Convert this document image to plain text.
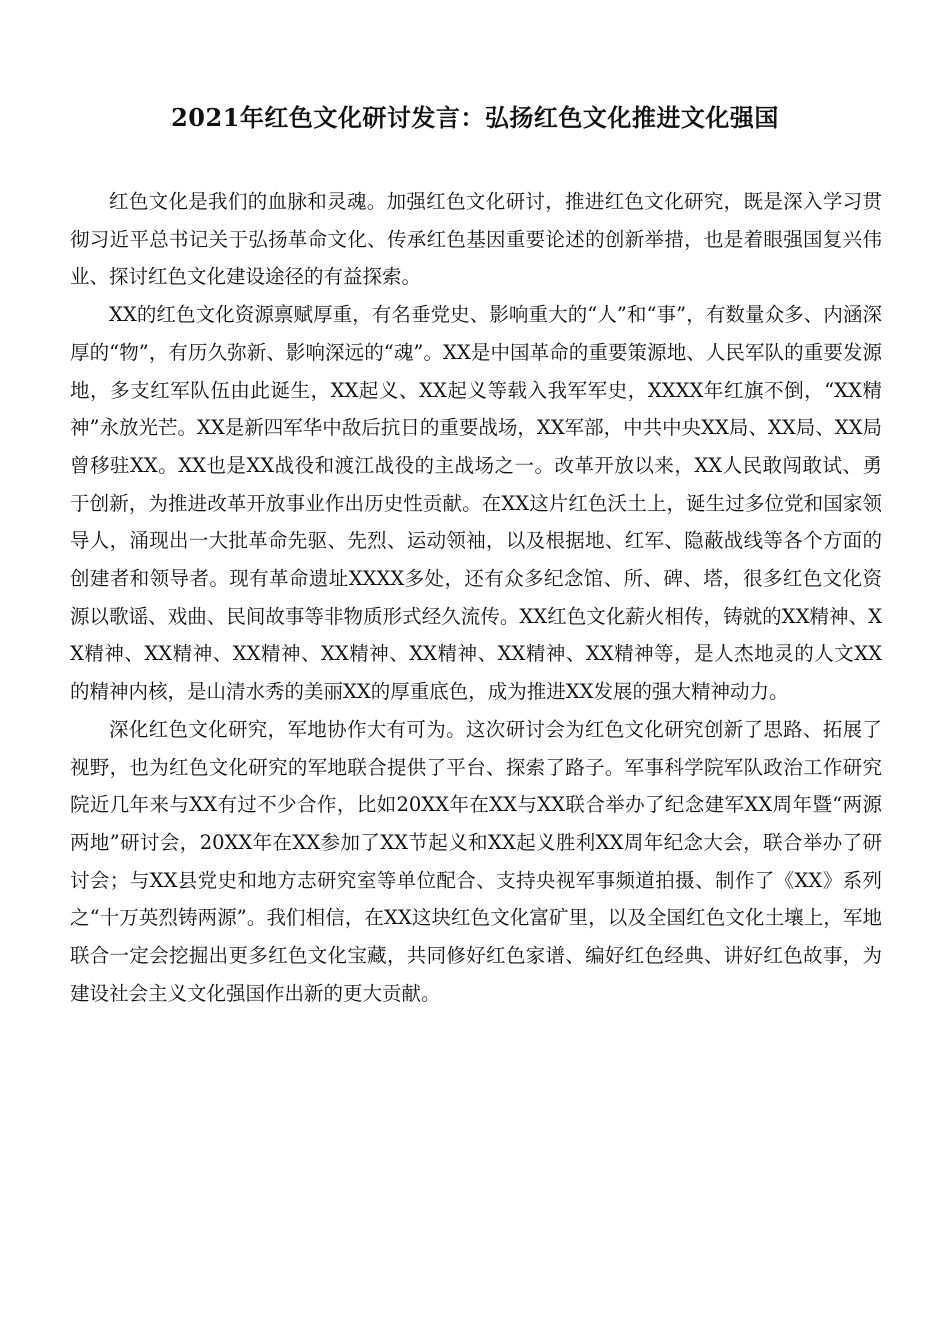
2021年红色文化研讨发言：弘扬红色文化推进文化强国

红色文化是我们的血脉和灵魂。加强红色文化研讨，推进红色文化研究，既是深入学习贯彻习近平总书记关于弘扬革命文化、传承红色基因重要论述的创新举措，也是着眼强国复兴伟业、探讨红色文化建设途径的有益探索。

XX的红色文化资源禀赋厚重，有名垂党史、影响重大的“人”和“事”，有数量众多、内涵深厚的“物”，有历久弥新、影响深远的“魂”。XX是中国革命的重要策源地、人民军队的重要发源地，多支红军队伍由此诞生，XX起义、XX起义等载入我军军史，XXXX年红旗不倒，“XX精神”永放光芒。XX是新四军华中敌后抗日的重要战场，XX军部，中共中央XX局、XX局、XX局曾移驻XX。XX也是XX战役和渡江战役的主战场之一。改革开放以来，XX人民敢闯敢试、勇于创新，为推进改革开放事业作出历史性贡献。在XX这片红色沃土上，诞生过多位党和国家领导人，涌现出一大批革命先驱、先烈、运动领袖，以及根据地、红军、隐蔽战线等各个方面的创建者和领导者。现有革命遗址XXXX多处，还有众多纪念馆、所、碑、塔，很多红色文化资源以歌谣、戏曲、民间故事等非物质形式经久流传。XX红色文化薪火相传，铸就的XX精神、XX精神、XX精神、XX精神、XX精神、XX精神、XX精神、XX精神等，是人杰地灵的人文XX的精神内核，是山清水秀的美丽XX的厚重底色，成为推进XX发展的强大精神动力。

深化红色文化研究，军地协作大有可为。这次研讨会为红色文化研究创新了思路、拓展了视野，也为红色文化研究的军地联合提供了平台、探索了路子。军事科学院军队政治工作研究院近几年来与XX有过不少合作，比如20XX年在XX与XX联合举办了纪念建军XX周年暨“两源两地”研讨会，20XX年在XX参加了XX节起义和XX起义胜利XX周年纪念大会，联合举办了研讨会；与XX县党史和地方志研究室等单位配合、支持央视军事频道拍摄、制作了《XX》系列之“十万英烈铸两源”。我们相信，在XX这块红色文化富矿里，以及全国红色文化土壤上，军地联合一定会挖掘出更多红色文化宝藏，共同修好红色家谱、编好红色经典、讲好红色故事，为建设社会主义文化强国作出新的更大贡献。
